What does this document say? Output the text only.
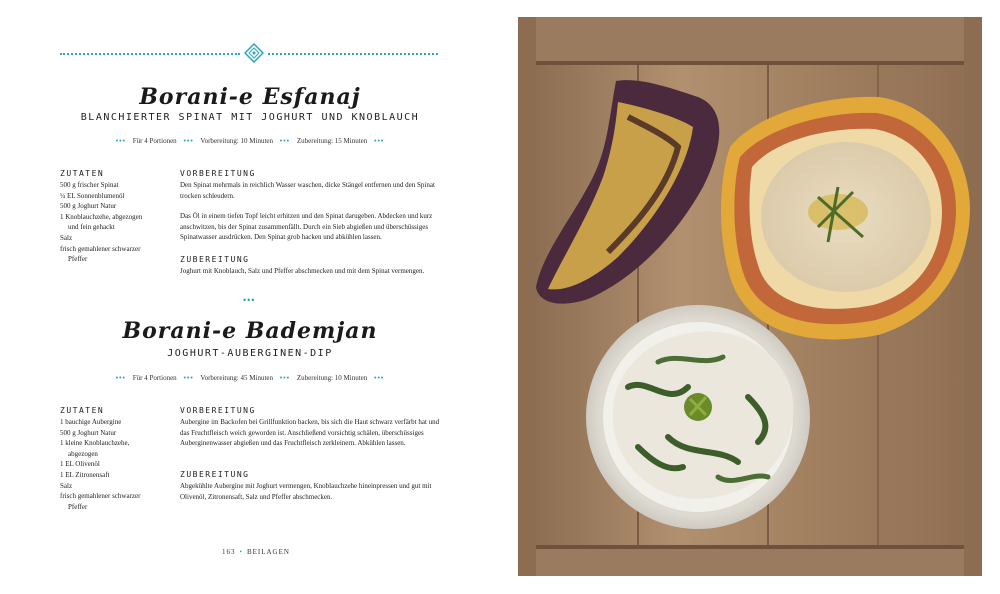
Borani-e Esfanaj
BLANCHIERTER SPINAT MIT JOGHURT UND KNOBLAUCH
••• Für 4 Portionen ••• Vorbereitung: 10 Minuten ••• Zubereitung: 15 Minuten •••
ZUTATEN
500 g frischer Spinat
¼ EL Sonnenblumenöl
500 g Joghurt Natur
1 Knoblauchzehe, abgezogen
und fein gehackt
Salz
frisch gemahlener schwarzer
Pfeffer
VORBEREITUNG

Den Spinat mehrmals in reichlich Wasser waschen, dicke Stängel entfernen und den Spinat trocken schleudern.

Das Öl in einem tiefen Topf leicht erhitzen und den Spinat darugeben. Abdecken und kurz anschwitzen, bis der Spinat zusammenfällt. Durch ein Sieb abgießen und überschüssiges Spinatwasser ausdrücken. Den Spinat grob hacken und abkühlen lassen.

ZUBEREITUNG
Joghurt mit Knoblauch, Salz und Pfeffer abschmecken und mit dem Spinat vermengen.
•••
Borani-e Bademjan
JOGHURT-AUBERGINEN-DIP
••• Für 4 Portionen ••• Vorbereitung: 45 Minuten ••• Zubereitung: 10 Minuten •••
ZUTATEN
1 bauchige Aubergine
500 g Joghurt Natur
1 kleine Knoblauchzehe,
abgezogen
1 EL Olivenöl
1 EL Zitronensaft
Salz
frisch gemahlener schwarzer
Pfeffer
VORBEREITUNG
Aubergine im Backofen bei Grillfunktion backen, bis sich die Haut schwarz verfärbt hat und das Fruchtfleisch weich geworden ist. Anschließend vorsichtig schälen, überschüssiges Auberginenwasser abgießen und das Fruchtfleisch zerkleinern. Abkühlen lassen.
ZUBEREITUNG
Abgekühlte Aubergine mit Joghurt vermengen, Knoblauchzehe hineinpressen und gut mit Olivenöl, Zitronensaft, Salz und Pfeffer abschmecken.
163 • BEILAGEN
